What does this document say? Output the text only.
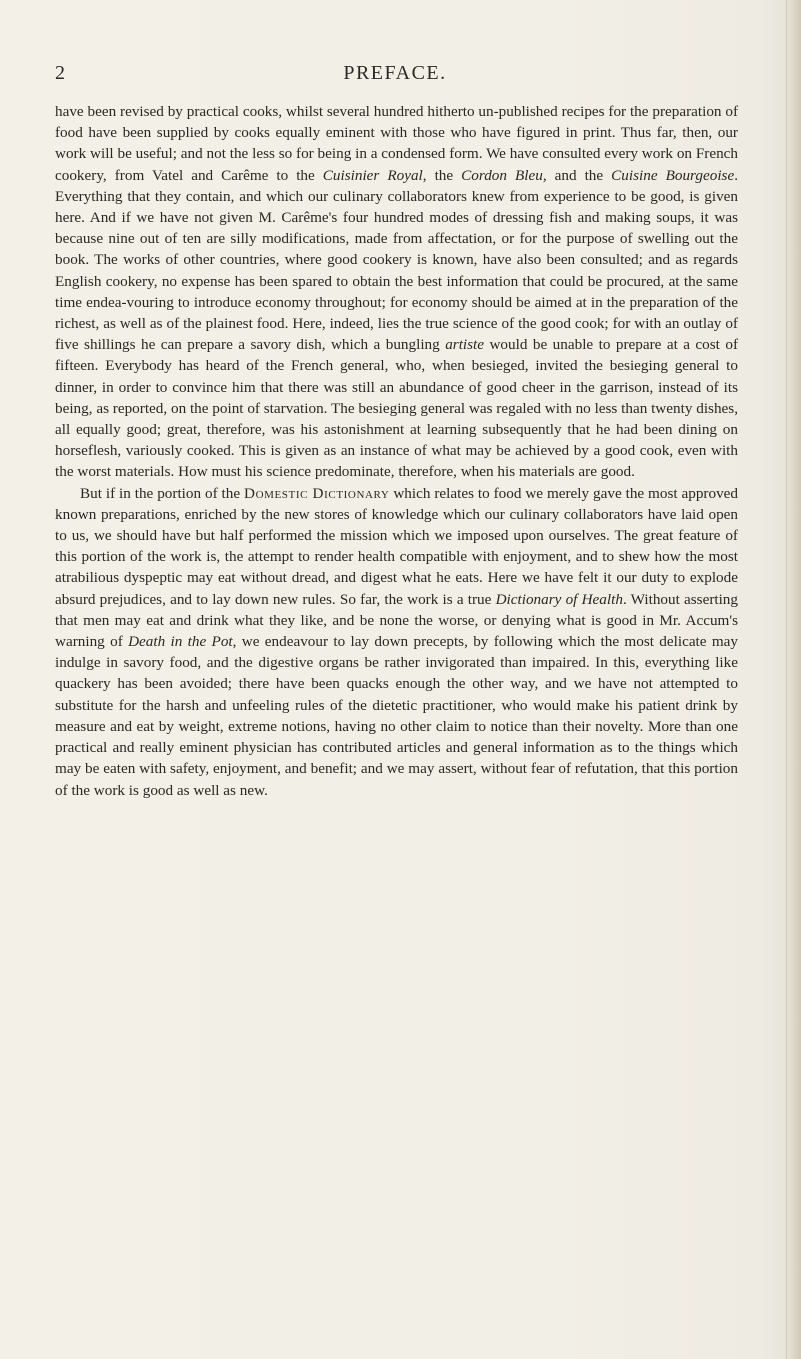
2	PREFACE.

have been revised by practical cooks, whilst several hundred hitherto un-published recipes for the preparation of food have been supplied by cooks equally eminent with those who have figured in print. Thus far, then, our work will be useful; and not the less so for being in a condensed form. We have consulted every work on French cookery, from Vatel and Carême to the Cuisinier Royal, the Cordon Bleu, and the Cuisine Bourgeoise. Everything that they contain, and which our culinary collaborators knew from experience to be good, is given here. And if we have not given M. Carême's four hundred modes of dressing fish and making soups, it was because nine out of ten are silly modifications, made from affectation, or for the purpose of swelling out the book. The works of other countries, where good cookery is known, have also been consulted; and as regards English cookery, no expense has been spared to obtain the best information that could be procured, at the same time endea-vouring to introduce economy throughout; for economy should be aimed at in the preparation of the richest, as well as of the plainest food. Here, indeed, lies the true science of the good cook; for with an outlay of five shillings he can prepare a savory dish, which a bungling artiste would be unable to prepare at a cost of fifteen. Everybody has heard of the French general, who, when besieged, invited the besieging general to dinner, in order to convince him that there was still an abundance of good cheer in the garrison, instead of its being, as reported, on the point of starvation. The besieging general was regaled with no less than twenty dishes, all equally good; great, therefore, was his astonishment at learning subsequently that he had been dining on horseflesh, variously cooked. This is given as an instance of what may be achieved by a good cook, even with the worst materials. How must his science predominate, therefore, when his materials are good.

But if in the portion of the Domestic Dictionary which relates to food we merely gave the most approved known preparations, enriched by the new stores of knowledge which our culinary collaborators have laid open to us, we should have but half performed the mission which we imposed upon ourselves. The great feature of this portion of the work is, the attempt to render health compatible with enjoyment, and to shew how the most atrabilious dyspeptic may eat without dread, and digest what he eats. Here we have felt it our duty to explode absurd prejudices, and to lay down new rules. So far, the work is a true Dictionary of Health. Without asserting that men may eat and drink what they like, and be none the worse, or denying what is good in Mr. Accum's warning of Death in the Pot, we endeavour to lay down precepts, by following which the most delicate may indulge in savory food, and the digestive organs be rather invigorated than impaired. In this, everything like quackery has been avoided; there have been quacks enough the other way, and we have not attempted to substitute for the harsh and unfeeling rules of the dietetic practitioner, who would make his patient drink by measure and eat by weight, extreme notions, having no other claim to notice than their novelty. More than one practical and really eminent physician has contributed articles and general information as to the things which may be eaten with safety, enjoyment, and benefit; and we may assert, without fear of refutation, that this portion of the work is good as well as new.
